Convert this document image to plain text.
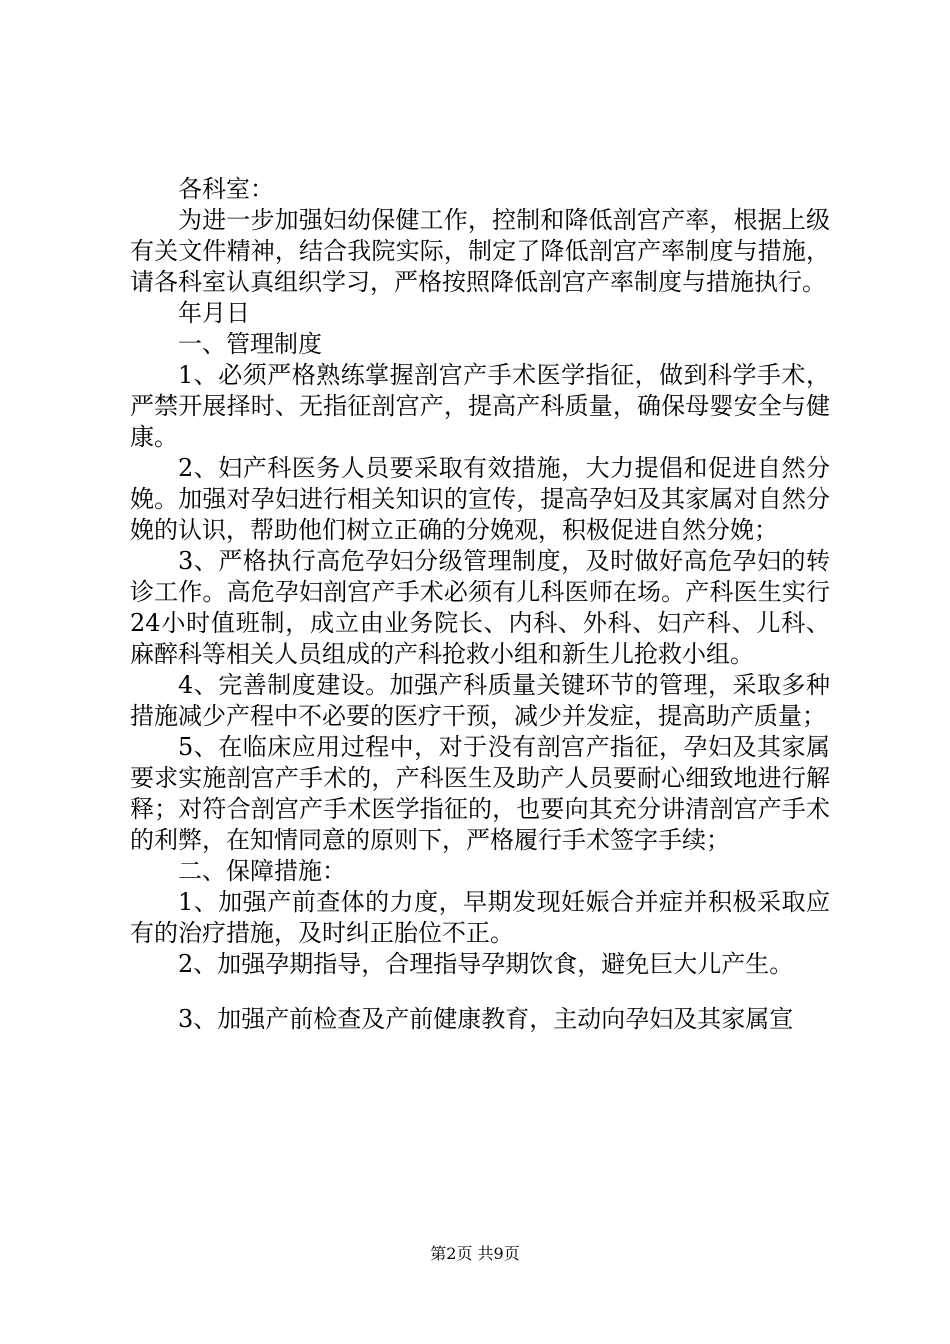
各科室：

为进一步加强妇幼保健工作，控制和降低剖宫产率，根据上级有关文件精神，结合我院实际，制定了降低剖宫产率制度与措施，请各科室认真组织学习，严格按照降低剖宫产率制度与措施执行。

年月日

一、管理制度

1、必须严格熟练掌握剖宫产手术医学指征，做到科学手术，严禁开展择时、无指征剖宫产，提高产科质量，确保母婴安全与健康。

2、妇产科医务人员要采取有效措施，大力提倡和促进自然分娩。加强对孕妇进行相关知识的宣传，提高孕妇及其家属对自然分娩的认识，帮助他们树立正确的分娩观，积极促进自然分娩；

3、严格执行高危孕妇分级管理制度，及时做好高危孕妇的转诊工作。高危孕妇剖宫产手术必须有儿科医师在场。产科医生实行24小时值班制，成立由业务院长、内科、外科、妇产科、儿科、麻醉科等相关人员组成的产科抢救小组和新生儿抢救小组。

4、完善制度建设。加强产科质量关键环节的管理，采取多种措施减少产程中不必要的医疗干预，减少并发症，提高助产质量；

5、在临床应用过程中，对于没有剖宫产指征，孕妇及其家属要求实施剖宫产手术的，产科医生及助产人员要耐心细致地进行解释；对符合剖宫产手术医学指征的，也要向其充分讲清剖宫产手术的利弊，在知情同意的原则下，严格履行手术签字手续；

二、保障措施：

1、加强产前查体的力度，早期发现妊娠合并症并积极采取应有的治疗措施，及时纠正胎位不正。

2、加强孕期指导，合理指导孕期饮食，避免巨大儿产生。

3、加强产前检查及产前健康教育，主动向孕妇及其家属宣

第2页 共9页
